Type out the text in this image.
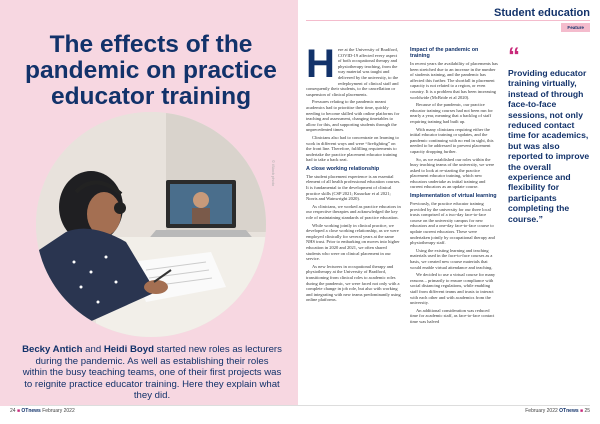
The effects of the pandemic on practice educator training
© iStock photo

Becky Antich and Heidi Boyd started new roles as lecturers during the pandemic. As well as establishing their roles within the busy teaching teams, one of their first projects was to reignite practice educator training. Here they explain what they did.

Student education
Feature

Here at the University of Bradford, COVID-19 affected every aspect of both occupational therapy and physiotherapy teaching, from the way material was taught and delivered by the university, to the redeployment of clinical staff and consequently their students, to the cancellation or suspension of clinical placements.

Pressures relating to the pandemic meant academics had to prioritise their time, quickly needing to become skilled with online platforms for teaching and assessment, changing timetables to allow for this, and supporting students through the unprecedented times.

Clinicians also had to concentrate on learning to work in different ways and were “firefighting” on the front line. Therefore, fulfilling requirements to undertake the practice placement educator training had to take a back seat.

A close working relationship

The student placement experience is an essential element of all health professional education courses. It is fundamental to the development of clinical practice skills (CSP 2021; Kusurkar et al 2021; Norris and Wainwright 2020).

As clinicians, we worked as practice educators in our respective therapies and acknowledged the key role of maintaining standards of practice education.

While working jointly in clinical practice, we developed a close working relationship, as we were employed clinically for several years at the same NHS trust. Prior to embarking on moves into higher education in 2020 and 2021, we often shared students who were on clinical placement in our service.

As new lecturers in occupational therapy and physiotherapy at the University of Bradford, transitioning from clinical roles to academic roles during the pandemic, we were faced not only with a complete change in job role, but also with working and integrating with new teams predominantly using online platforms.

Impact of the pandemic on training

In recent years the availability of placements has been stretched due to an increase in the number of students training, and the pandemic has affected this further. The shortfall in placement capacity is not related to a region, or even country. It is a problem that has been increasing worldwide (McBride et al 2020).

Because of the pandemic, our practice educator training courses had not been run for nearly a year, meaning that a backlog of staff requiring training had built up.

With many clinicians requiring either the initial educator training or updates, and the pandemic continuing with no end in sight, this needed to be addressed to prevent placement capacity dropping further.

So, as we established our roles within the busy teaching teams of the university, we were asked to look at re-starting the practice placement educator training, which new educators undertake as initial training and current educators as an update course.

Implementation of virtual learning

Previously, the practice educator training provided by the university for our three local trusts comprised of a two-day face-to-face course on the university campus for new educators and a one-day face-to-face course to update current educators. These were undertaken jointly by occupational therapy and physiotherapy staff.

Using the existing learning and teaching materials used in the face-to-face courses as a basis, we created new course materials that would enable virtual attendance and teaching.

We decided to use a virtual course for many reasons – primarily to ensure compliance with social distancing regulations, while enabling staff from different teams and trusts to interact with each other and with academics from the university.

An additional consideration was reduced time for academic staff, as face-to-face contact time was halved

“
Providing educator training virtually, instead of through face-to-face sessions, not only reduced contact time for academics, but was also reported to improve the overall experience and flexibility for participants completing the course.”
24 ■ OTnews February 2022	February 2022 OTnews ■ 25
